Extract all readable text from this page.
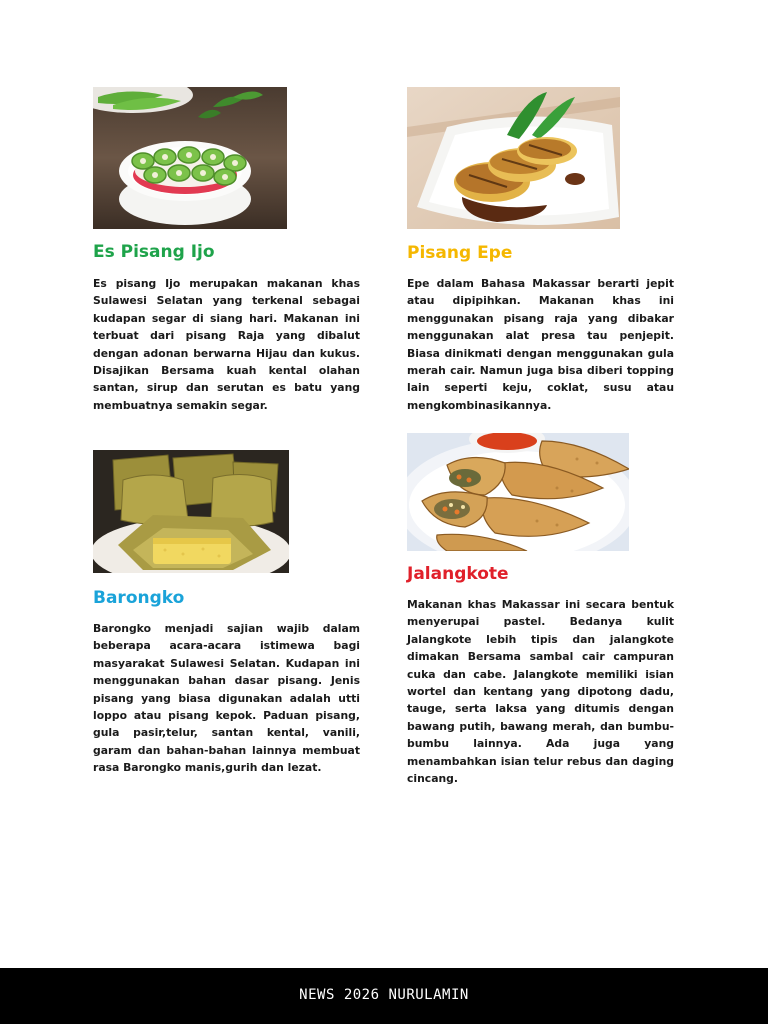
Es Pisang Ijo	Pisang Epe

Es pisang Ijo merupakan makanan khas Sulawesi Selatan yang terkenal sebagai kudapan segar di siang hari. Makanan ini terbuat dari pisang Raja yang dibalut dengan adonan berwarna Hijau dan kukus. Disajikan Bersama kuah kental olahan santan, sirup dan serutan es batu yang membuatnya semakin segar.

Epe dalam Bahasa Makassar berarti jepit atau dipipihkan. Makanan khas ini menggunakan pisang raja yang dibakar menggunakan alat presa tau penjepit. Biasa dinikmati dengan menggunakan gula merah cair. Namun juga bisa diberi topping lain seperti keju, coklat, susu atau mengkombinasikannya.

Barongko
Jalangkote

Barongko menjadi sajian wajib dalam beberapa acara-acara istimewa bagi masyarakat Sulawesi Selatan. Kudapan ini menggunakan bahan dasar pisang. Jenis pisang yang biasa digunakan adalah utti loppo atau pisang kepok. Paduan pisang, gula pasir,telur, santan kental, vanili, garam dan bahan-bahan lainnya membuat rasa Barongko manis,gurih dan lezat.

Makanan khas Makassar ini secara bentuk menyerupai pastel. Bedanya kulit Jalangkote lebih tipis dan jalangkote dimakan Bersama sambal cair campuran cuka dan cabe. Jalangkote memiliki isian wortel dan kentang yang dipotong dadu, tauge, serta laksa yang ditumis dengan bawang putih, bawang merah, dan bumbu-bumbu lainnya. Ada juga yang menambahkan isian telur rebus dan daging cincang.

NEWS 2026 NURULAMIN
